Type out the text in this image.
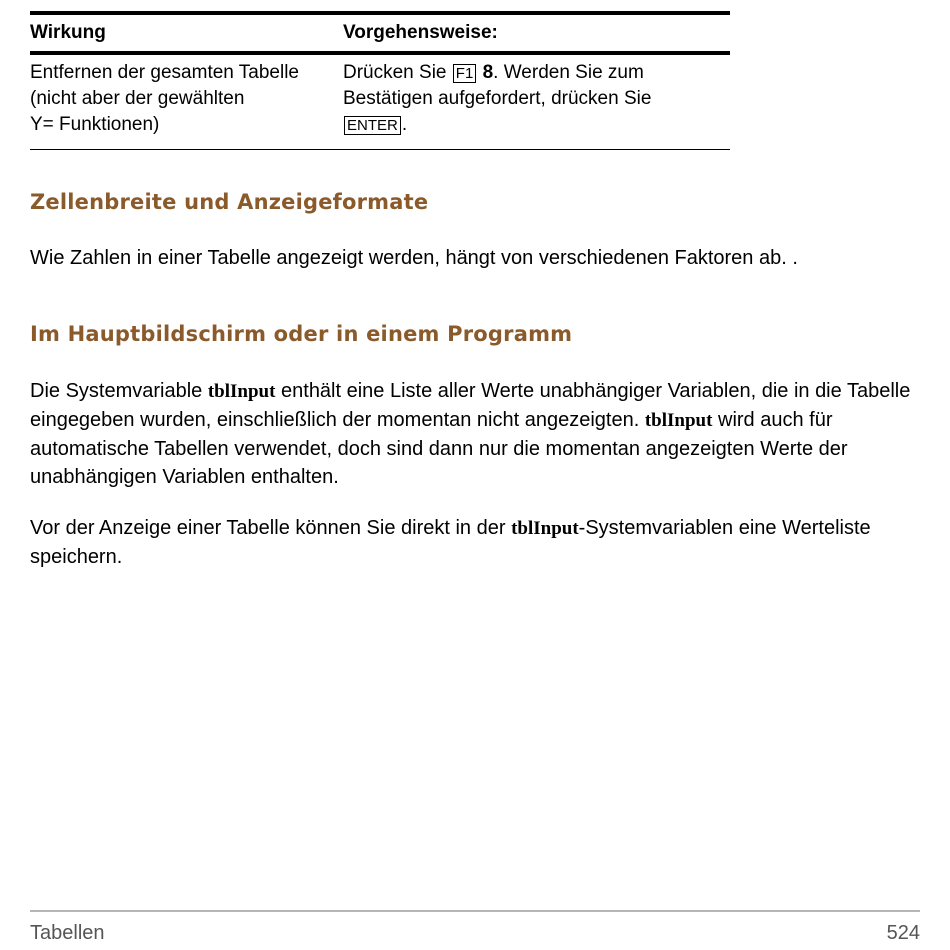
Wirkung	Vorgehensweise:
Entfernen der gesamten Tabelle
(nicht aber der gewählten
Y= Funktionen)
Drücken Sie F1 8. Werden Sie zum
Bestätigen aufgefordert, drücken Sie
ENTER .
Zellenbreite und Anzeigeformate
Wie Zahlen in einer Tabelle angezeigt werden, hängt von verschiedenen Faktoren ab. .
Im Hauptbildschirm oder in einem Programm
Die Systemvariable tblInput enthält eine Liste aller Werte unabhängiger Variablen, die in die Tabelle eingegeben wurden, einschließlich der momentan nicht angezeigten. tblInput wird auch für automatische Tabellen verwendet, doch sind dann nur die momentan angezeigten Werte der unabhängigen Variablen enthalten.
Vor der Anzeige einer Tabelle können Sie direkt in der tblInput-Systemvariablen eine Werteliste speichern.
Tabellen	524
